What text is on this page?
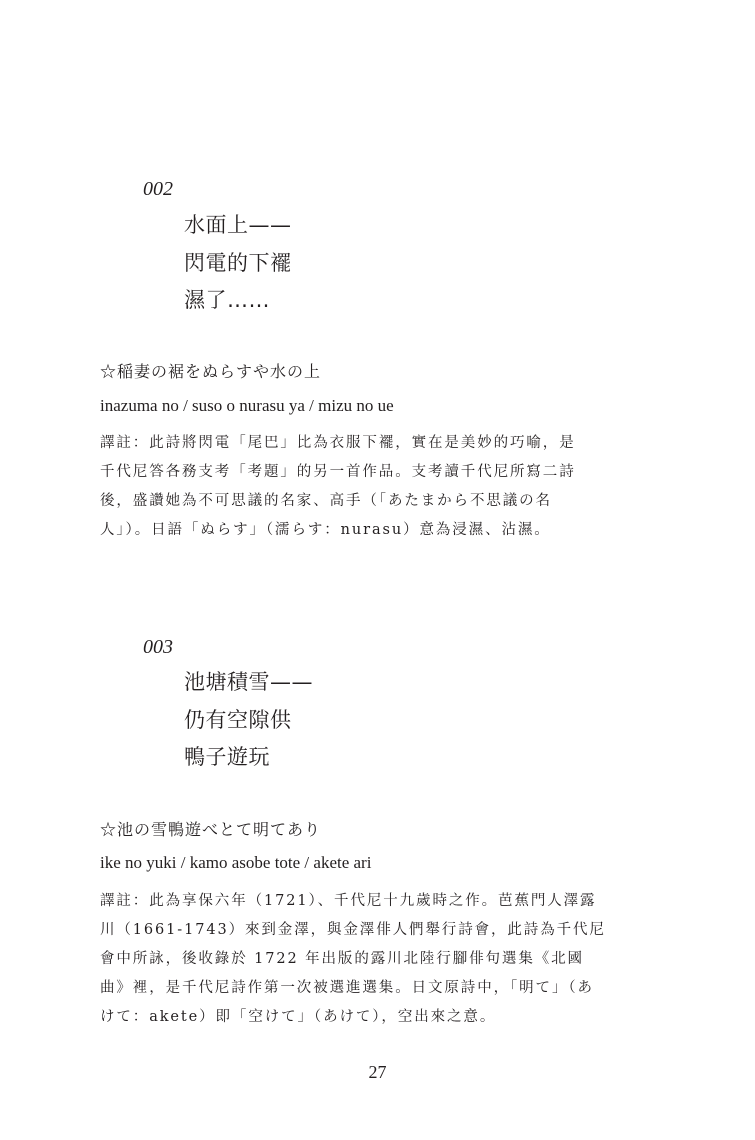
002
水面上——
閃電的下襬
濕了……
☆稲妻の裾をぬらすや水の上
inazuma no / suso o nurasu ya / mizu no ue

譯註：此詩將閃電「尾巴」比為衣服下襬，實在是美妙的巧喻，是
千代尼答各務支考「考題」的另一首作品。支考讀千代尼所寫二詩
後，盛讚她為不可思議的名家、高手（「あたまから不思議の名
人」）。日語「ぬらす」（濡らす：nurasu）意為浸濕、沾濕。

003
池塘積雪——
仍有空隙供
鴨子遊玩
☆池の雪鴨遊べとて明てあり
ike no yuki / kamo asobe tote / akete ari

譯註：此為享保六年（1721）、千代尼十九歲時之作。芭蕉門人澤露
川（1661-1743）來到金澤，與金澤俳人們舉行詩會，此詩為千代尼
會中所詠，後收錄於 1722 年出版的露川北陸行腳俳句選集《北國
曲》裡，是千代尼詩作第一次被選進選集。日文原詩中，「明て」（あ
けて：akete）即「空けて」（あけて），空出來之意。

27
